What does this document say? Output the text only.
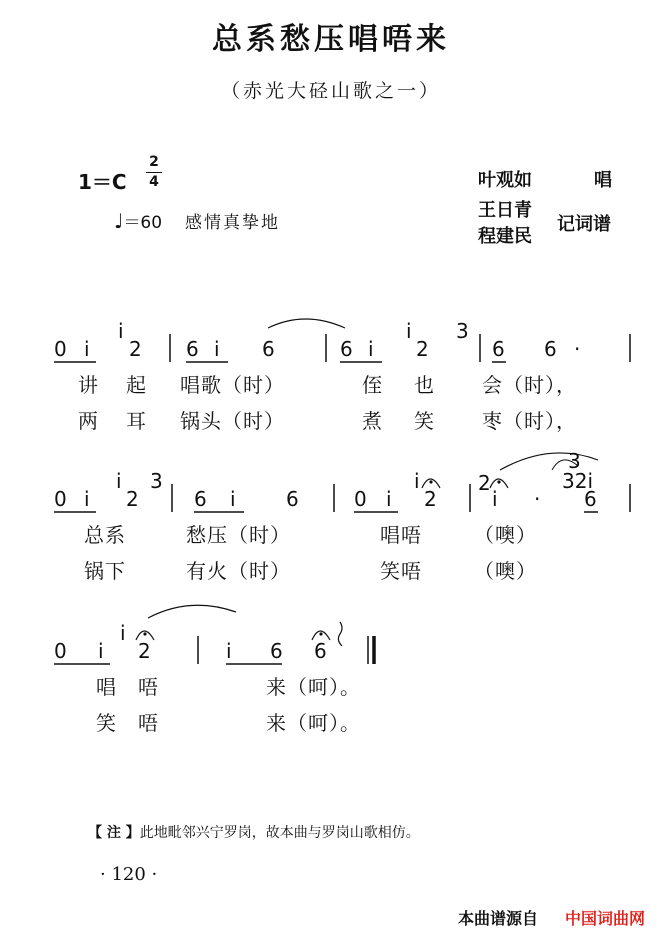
总系愁压唱唔来
（赤光大硁山歌之一）
1＝C
2
4
♩＝60 感情真挚地
叶观如	唱
王日青
程建民
记词谱
0 i
i
2 6 i 6	6 i
i
2
3
6 6 ·
讲 起 唱歌（时）	侄 也 会（时），
两 耳 锅头（时）	煮 笑 枣（时），
0 i
i
2
3
6 i	6	0 i
i
2
2
i ·
3
32i
6
总系	愁压（时）	唱唔	（噢）
锅下	有火（时）	笑唔	（噢）
0 i
i
2	i 6 6
唱 唔	来（呵）。
笑 唔	来（呵）。
【 注 】此地毗邻兴宁罗岗，故本曲与罗岗山歌相仿。
· 120 ·
本曲谱源自 中国词曲网
